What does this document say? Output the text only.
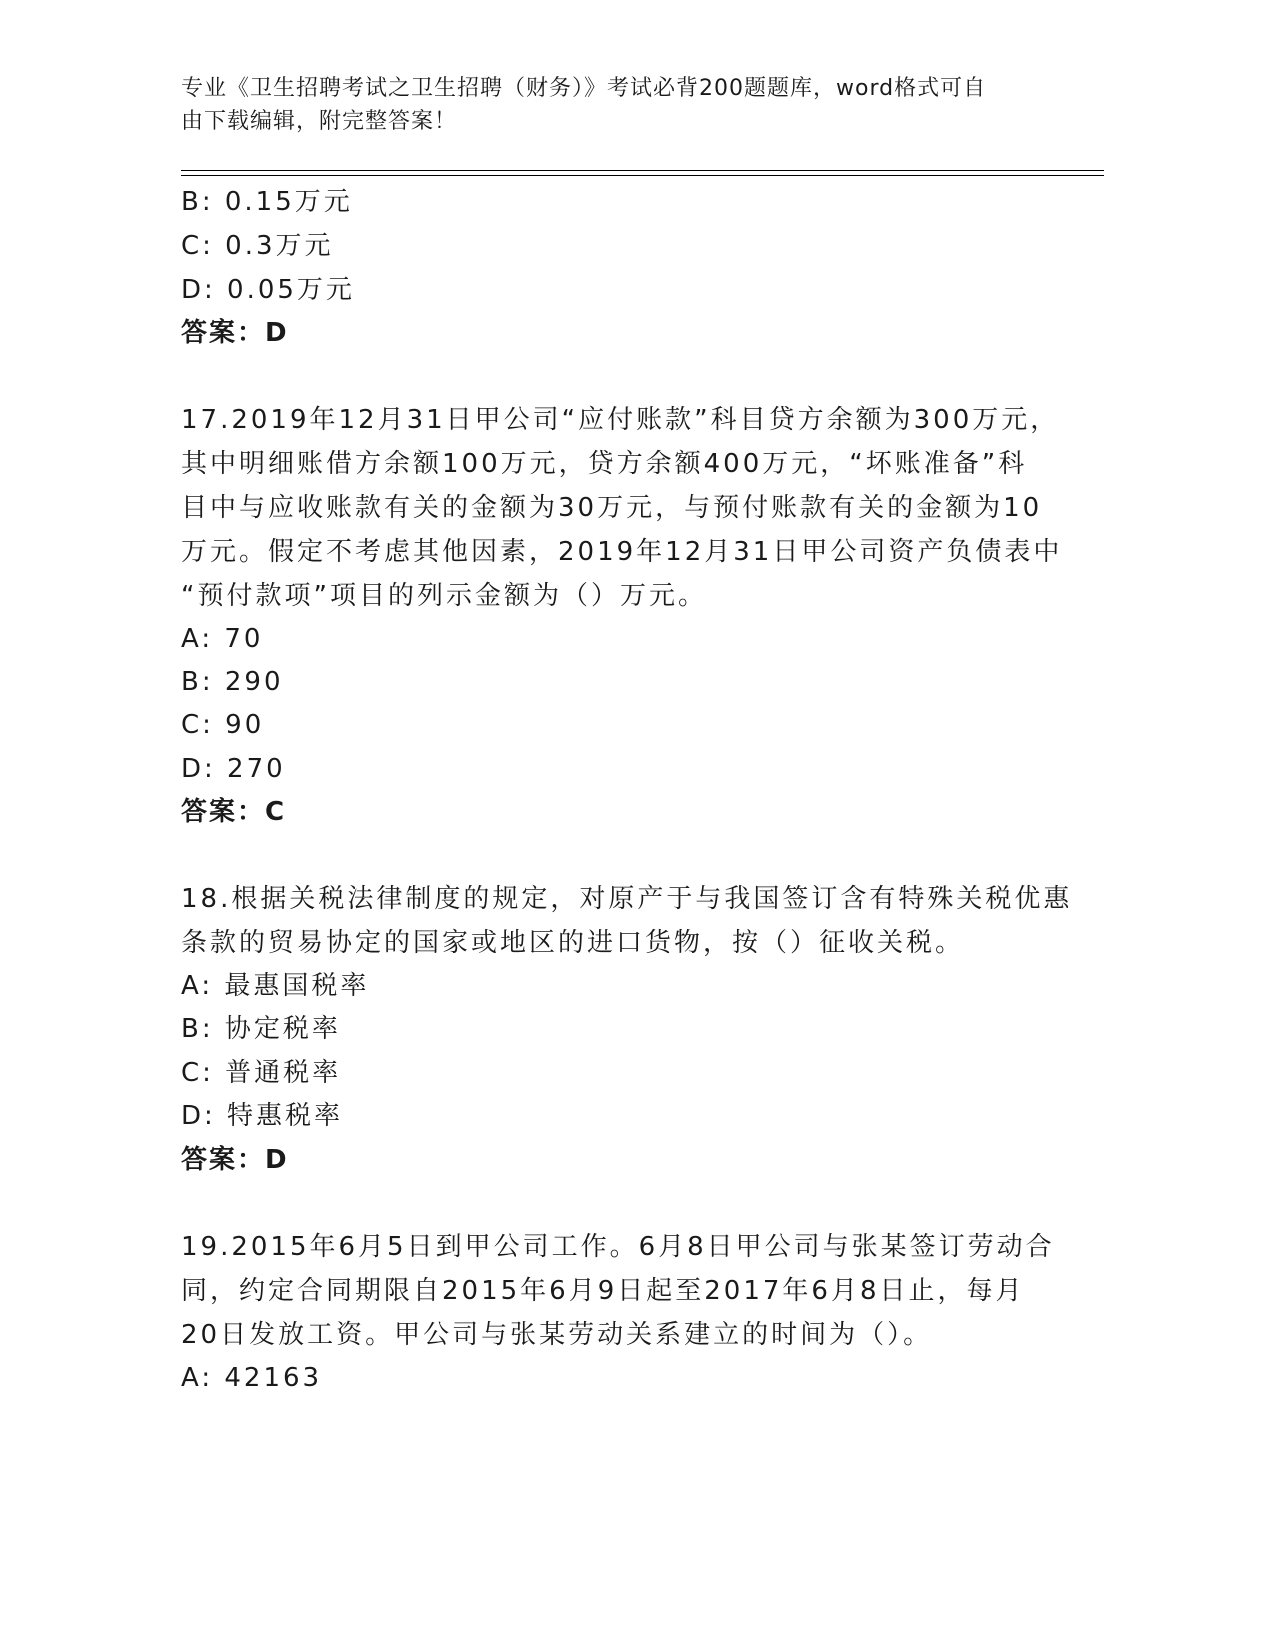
专业《卫生招聘考试之卫生招聘（财务）》考试必背200题题库，word格式可自
由下载编辑，附完整答案！
B: 0.15万元
C: 0.3万元
D: 0.05万元
答案：D
17.2019年12月31日甲公司“应付账款”科目贷方余额为300万元，
其中明细账借方余额100万元，贷方余额400万元，“坏账准备”科
目中与应收账款有关的金额为30万元，与预付账款有关的金额为10
万元。假定不考虑其他因素，2019年12月31日甲公司资产负债表中
“预付款项”项目的列示金额为（）万元。
A: 70
B: 290
C: 90
D: 270
答案：C
18.根据关税法律制度的规定，对原产于与我国签订含有特殊关税优惠
条款的贸易协定的国家或地区的进口货物，按（）征收关税。
A: 最惠国税率
B: 协定税率
C: 普通税率
D: 特惠税率
答案：D
19.2015年6月5日到甲公司工作。6月8日甲公司与张某签订劳动合
同，约定合同期限自2015年6月9日起至2017年6月8日止，每月
20日发放工资。甲公司与张某劳动关系建立的时间为（）。
A: 42163
